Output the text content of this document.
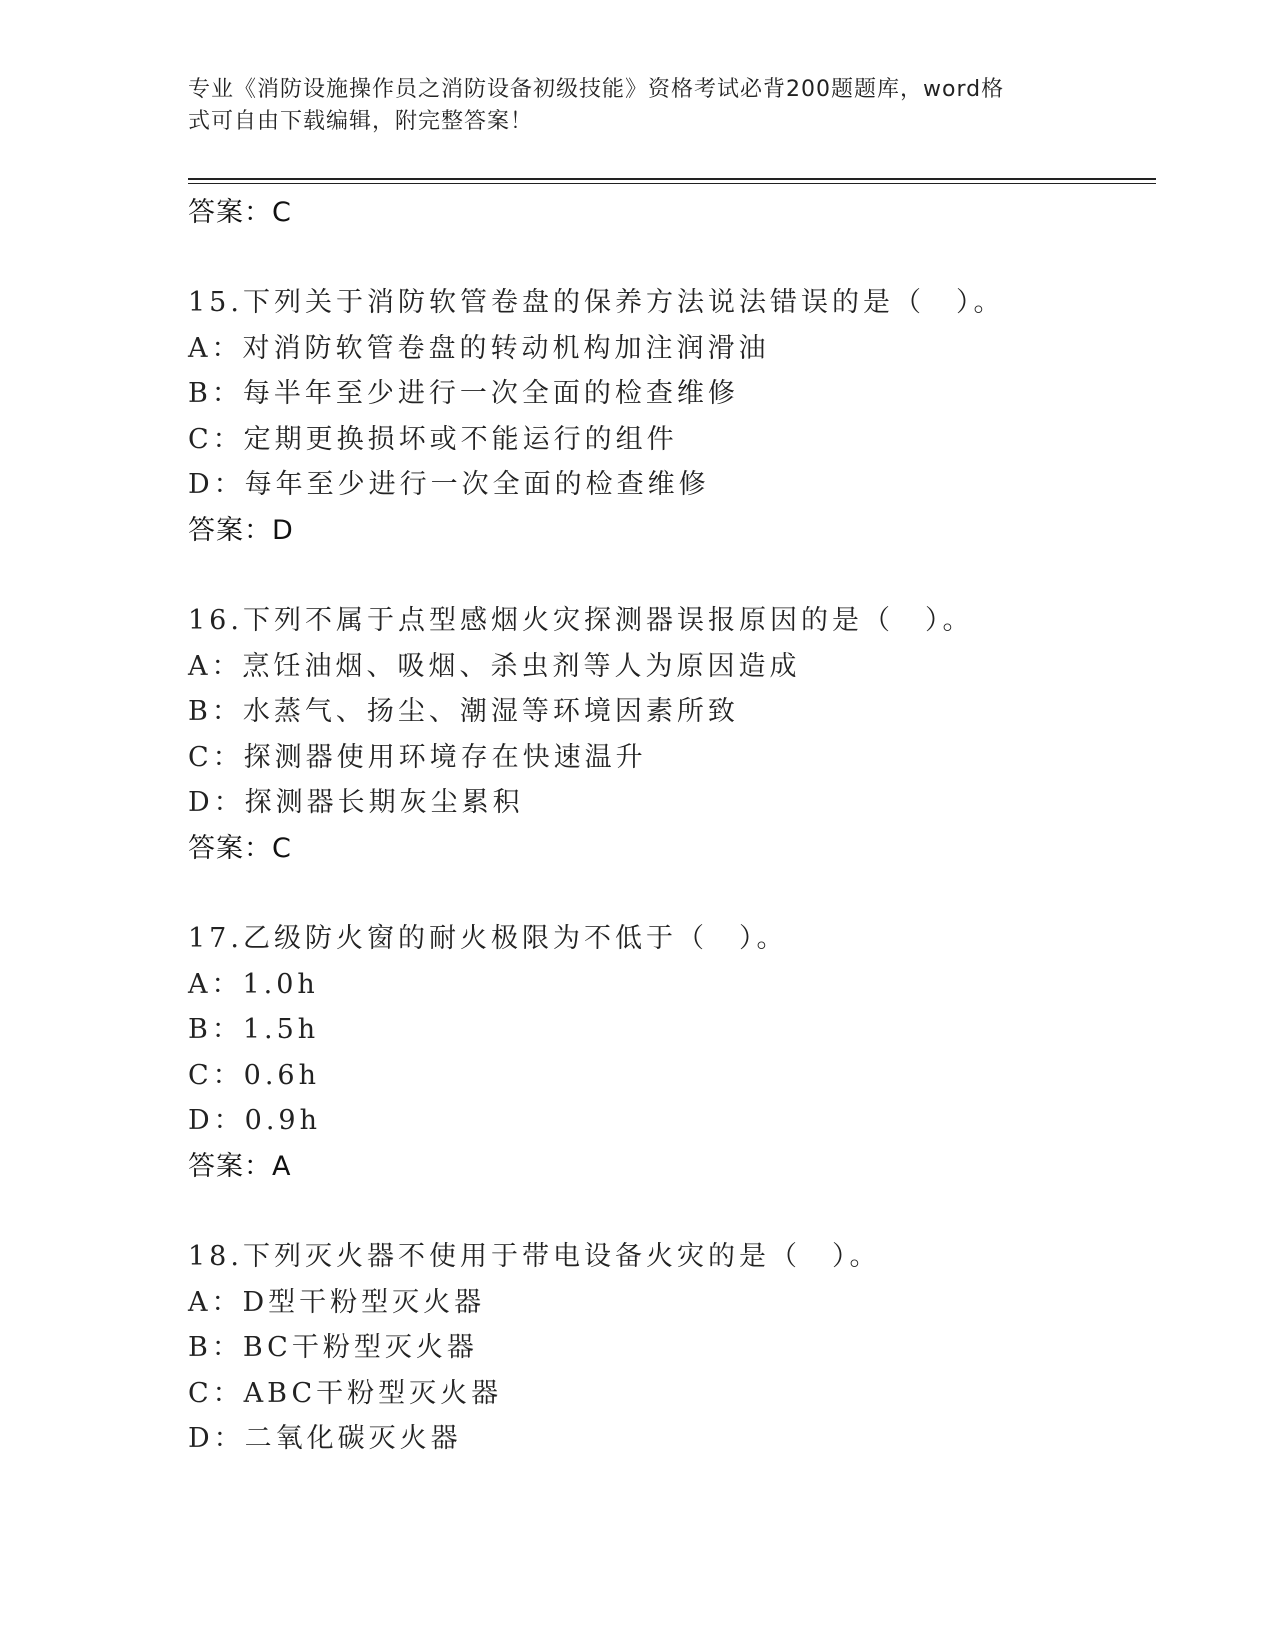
专业《消防设施操作员之消防设备初级技能》资格考试必背200题题库，word格
式可自由下载编辑，附完整答案！
答案：C
15.下列关于消防软管卷盘的保养方法说法错误的是（　）。
A：对消防软管卷盘的转动机构加注润滑油
B：每半年至少进行一次全面的检查维修
C：定期更换损坏或不能运行的组件
D：每年至少进行一次全面的检查维修
答案：D
16.下列不属于点型感烟火灾探测器误报原因的是（　）。
A：烹饪油烟、吸烟、杀虫剂等人为原因造成
B：水蒸气、扬尘、潮湿等环境因素所致
C：探测器使用环境存在快速温升
D：探测器长期灰尘累积
答案：C
17.乙级防火窗的耐火极限为不低于（　）。
A：1.0h
B：1.5h
C：0.6h
D：0.9h
答案：A
18.下列灭火器不使用于带电设备火灾的是（　）。
A：D型干粉型灭火器
B：BC干粉型灭火器
C：ABC干粉型灭火器
D：二氧化碳灭火器
